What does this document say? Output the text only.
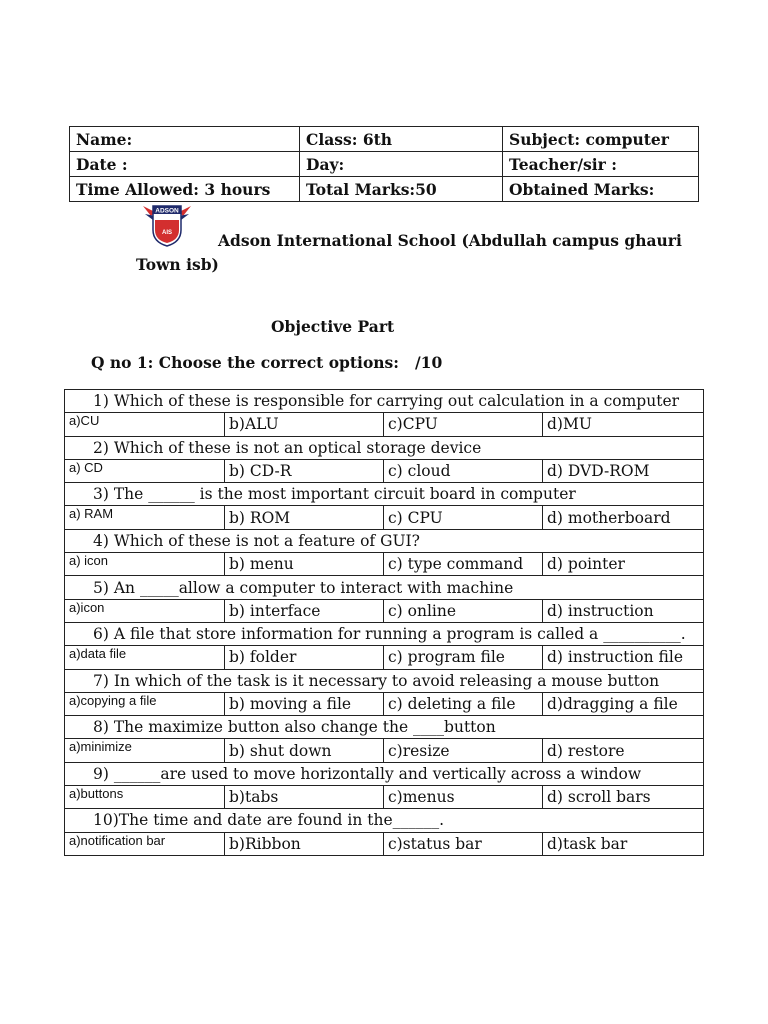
Name:	Class: 6th	Subject: computer
Date :	Day:	Teacher/sir :
Time Allowed: 3 hours	Total Marks:50	Obtained Marks:
ADSON
AIS	Adson International School (Abdullah campus ghauri
Town isb)
Objective Part
Q no 1: Choose the correct options: /10
1) Which of these is responsible for carrying out calculation in a computer			
a)CU	b)ALU	c)CPU	d)MU
2) Which of these is not an optical storage device			
a) CD	b) CD-R	c) cloud	d) DVD-ROM
3) The ______ is the most important circuit board in computer			
a) RAM	b) ROM	c) CPU	d) motherboard
4) Which of these is not a feature of GUI?			
a) icon	b) menu	c) type command	d) pointer
5) An _____allow a computer to interact with machine			
a)icon	b) interface	c) online	d) instruction
6) A file that store information for running a program is called a __________.			
a)data file	b) folder	c) program file	d) instruction file
7) In which of the task is it necessary to avoid releasing a mouse button			
a)copying a file	b) moving a file	c) deleting a file	d)dragging a file
8) The maximize button also change the ____button			
a)minimize	b) shut down	c)resize	d) restore
9) ______are used to move horizontally and vertically across a window			
a)buttons	b)tabs	c)menus	d) scroll bars
10)The time and date are found in the______.			
a)notification bar	b)Ribbon	c)status bar	d)task bar
